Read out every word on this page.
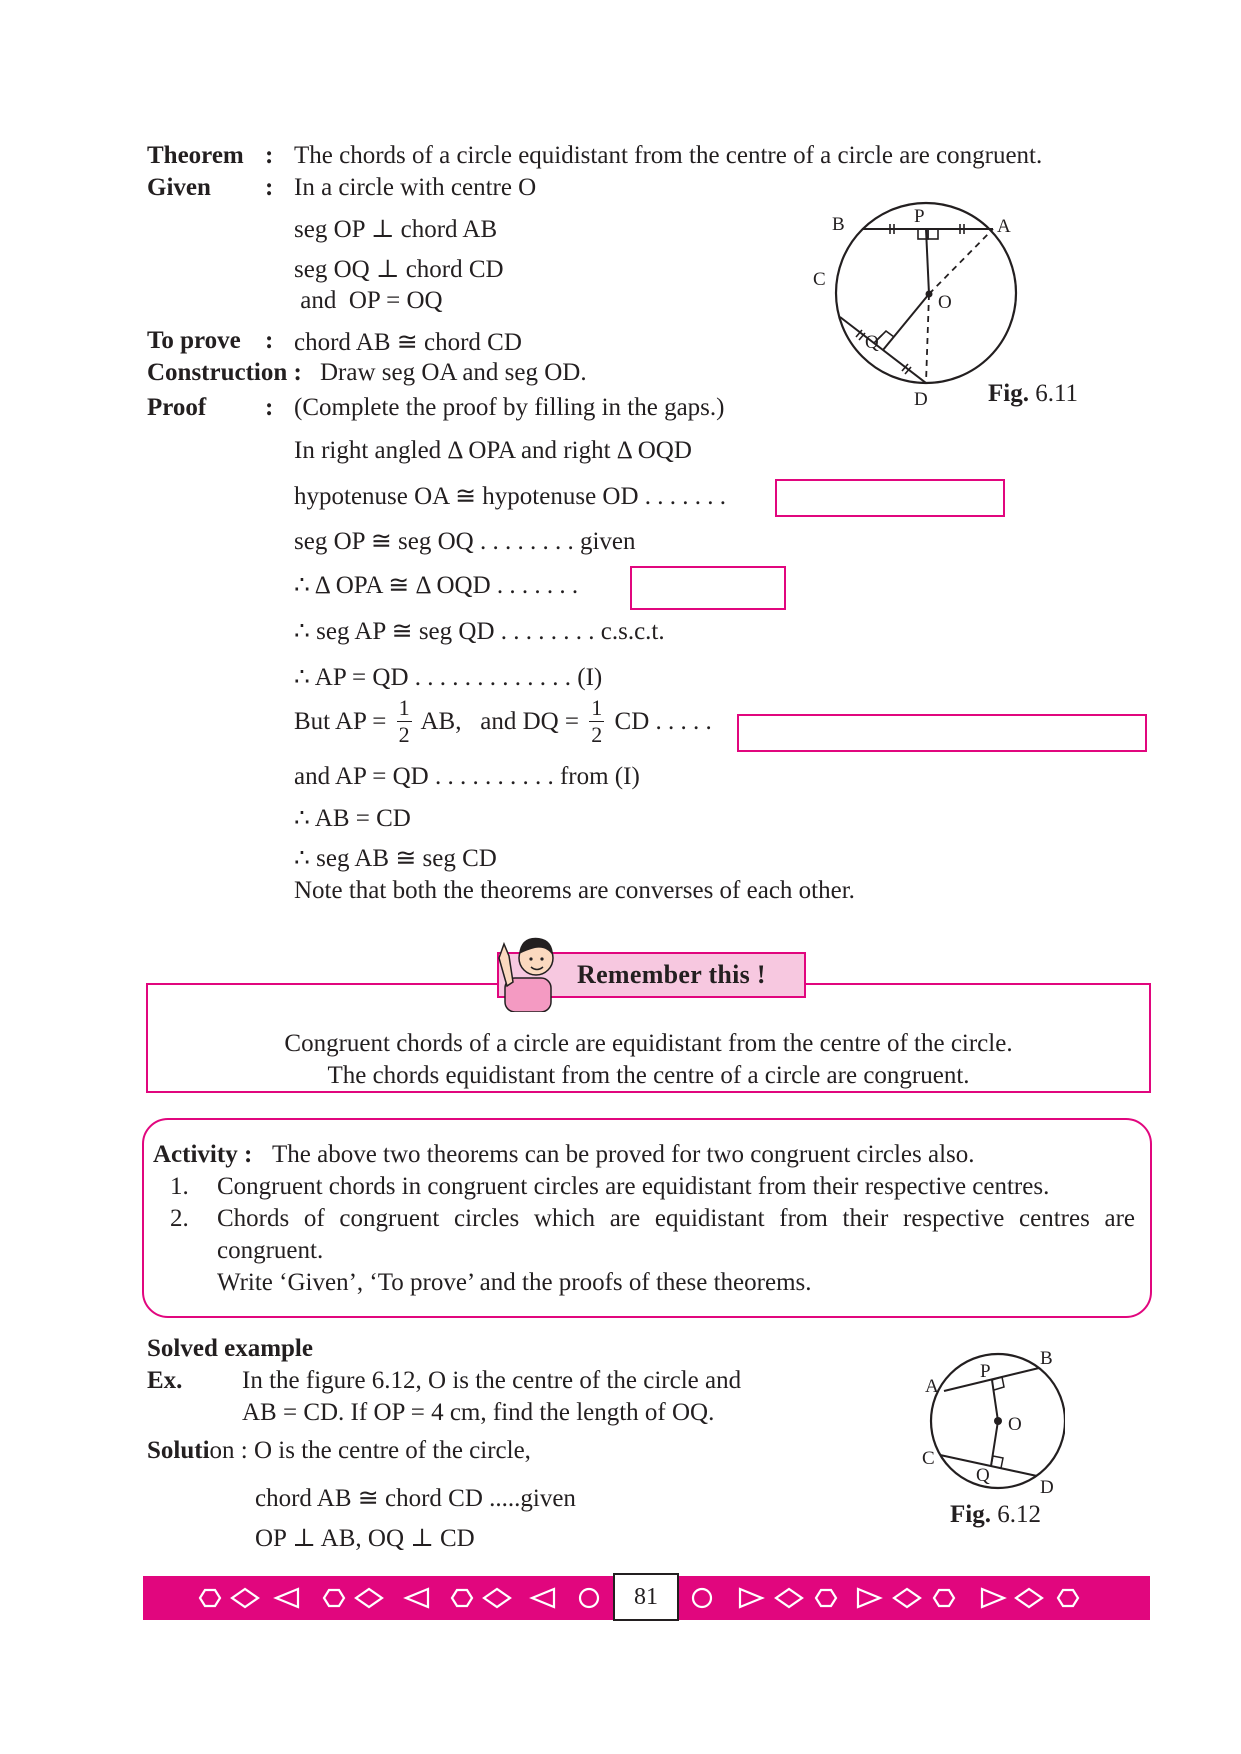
Theorem : The chords of a circle equidistant from the centre of a circle are congruent.
Given : In a circle with centre O
seg OP ⊥ chord AB
seg OQ ⊥ chord CD
and  OP = OQ
To prove : chord AB ≅ chord CD
Construction : Draw seg OA and seg OD.
Proof : (Complete the proof by filling in the gaps.)
In right angled Δ OPA and right Δ OQD
hypotenuse OA ≅ hypotenuse OD . . . . . . .
seg OP ≅ seg OQ . . . . . . . . given
∴ Δ OPA ≅ Δ OQD . . . . . . .
∴ seg AP ≅ seg QD . . . . . . . . c.s.c.t.
∴ AP = QD . . . . . . . . . . . . . (I)
But AP = $\frac{1}{2}$ AB,   and DQ = $\frac{1}{2}$ CD . . . . .
and AP = QD . . . . . . . . . . from (I)
∴ AB = CD
∴ seg AB ≅ seg CD
Note that both the theorems are converses of each other.
B	P	A
C
O
Q
D Fig. 6.11
Congruent chords of a circle are equidistant from the centre of the circle.
The chords equidistant from the centre of a circle are congruent.
Remember this !
Activity : The above two theorems can be proved for two congruent circles also.
1. Congruent chords in congruent circles are equidistant from their respective centres.
2. Chords of congruent circles which are equidistant from their respective centres are
congruent.
Write ‘Given’, ‘To prove’ and the proofs of these theorems.
Solved example
Ex. In the figure 6.12, O is the centre of the circle and
AB = CD. If OP = 4 cm, find the length of OQ.
Solution : O is the centre of the circle,
chord AB ≅ chord CD .....given
OP ⊥ AB, OQ ⊥ CD
A
P
B
O
C
Q
D
Fig. 6.12
81
